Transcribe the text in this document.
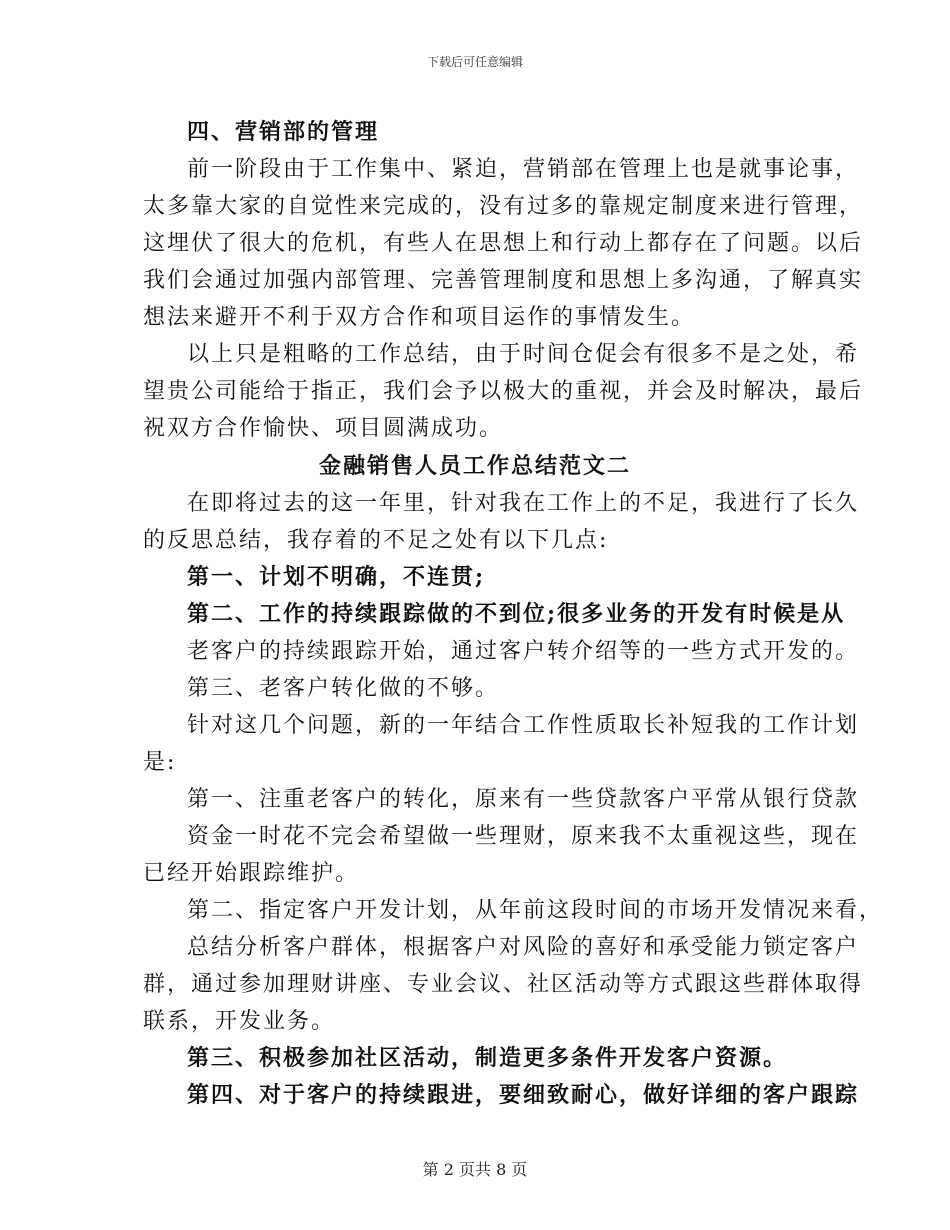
下载后可任意编辑
四、营销部的管理
前一阶段由于工作集中、紧迫，营销部在管理上也是就事论事，
太多靠大家的自觉性来完成的，没有过多的靠规定制度来进行管理，
这埋伏了很大的危机，有些人在思想上和行动上都存在了问题。以后
我们会通过加强内部管理、完善管理制度和思想上多沟通，了解真实
想法来避开不利于双方合作和项目运作的事情发生。
以上只是粗略的工作总结，由于时间仓促会有很多不是之处，希
望贵公司能给于指正，我们会予以极大的重视，并会及时解决，最后
祝双方合作愉快、项目圆满成功。
金融销售人员工作总结范文二
在即将过去的这一年里，针对我在工作上的不足，我进行了长久
的反思总结，我存着的不足之处有以下几点:
第一、计划不明确，不连贯;
第二、工作的持续跟踪做的不到位;很多业务的开发有时候是从
老客户的持续跟踪开始，通过客户转介绍等的一些方式开发的。
第三、老客户转化做的不够。
针对这几个问题，新的一年结合工作性质取长补短我的工作计划
是:
第一、注重老客户的转化，原来有一些贷款客户平常从银行贷款
资金一时花不完会希望做一些理财，原来我不太重视这些，现在
已经开始跟踪维护。
第二、指定客户开发计划，从年前这段时间的市场开发情况来看，
总结分析客户群体，根据客户对风险的喜好和承受能力锁定客户
群，通过参加理财讲座、专业会议、社区活动等方式跟这些群体取得
联系，开发业务。
第三、积极参加社区活动，制造更多条件开发客户资源。
第四、对于客户的持续跟进，要细致耐心，做好详细的客户跟踪
第 2 页共 8 页
